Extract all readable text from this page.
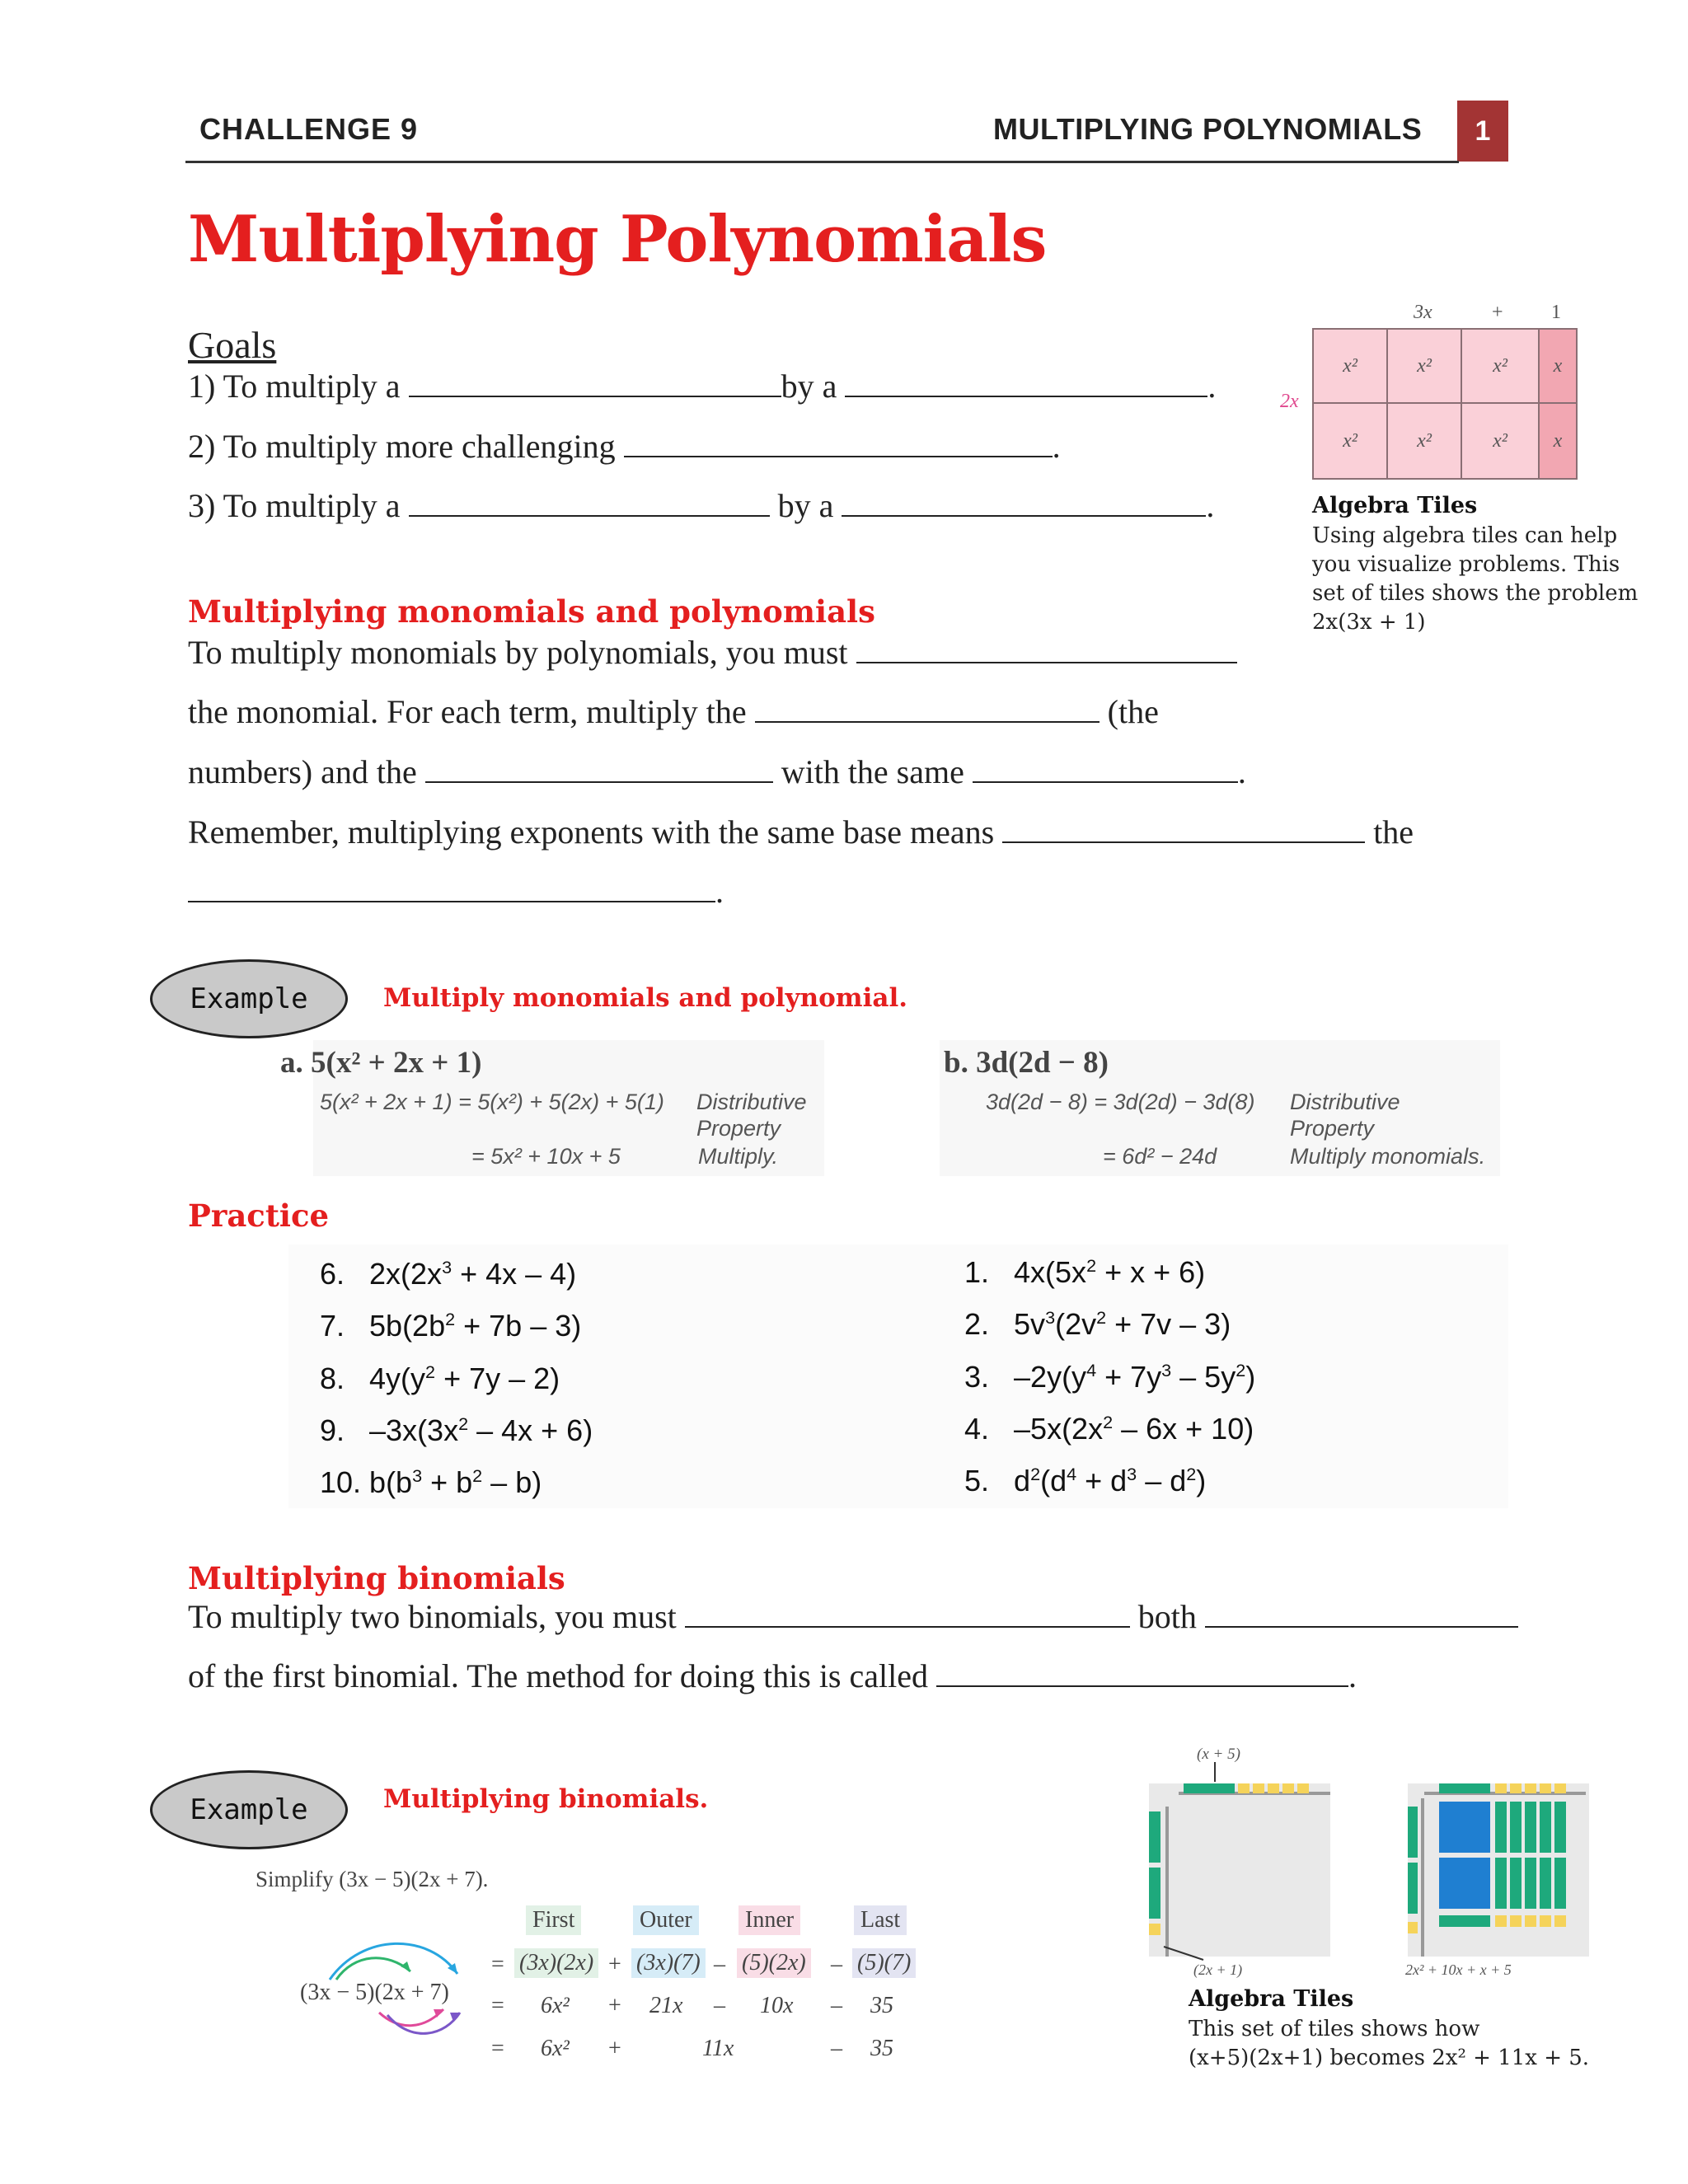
CHALLENGE 9	MULTIPLYING POLYNOMIALS	1
Multiplying Polynomials
Goals
1) To multiply a	by a	.
2) To multiply more challenging	.
3) To multiply a	by a	.
3x	+ 1
2x
x²	x²	x²	x
x²	x²	x²	x
Algebra Tiles
Using algebra tiles can help
you visualize problems. This
set of tiles shows the problem
2x(3x + 1)
Multiplying monomials and polynomials
To multiply monomials by polynomials, you must
the monomial. For each term, multiply the	(the
numbers) and the	with the same	.
Remember, multiplying exponents with the same base means	the
.
Example	Multiply monomials and polynomial.
a. 5(x² + 2x + 1)
5(x² + 2x + 1) = 5(x²) + 5(2x) + 5(1) Distributive
Property
= 5x² + 10x + 5	Multiply.
b. 3d(2d − 8)
3d(2d − 8) = 3d(2d) − 3d(8) Distributive
Property
= 6d² − 24d	Multiply monomials.
Practice
6.   $2x(2x^3 + 4x - 4)$
7.   $5b(2b^2 + 7b - 3)$
8.   $4y(y^2 + 7y - 2)$
9.   $-3x(3x^2 - 4x + 6)$
10. $b(b^3 + b^2 - b)$
1.   $4x(5x^2 + x + 6)$
2.   $5v^3(2v^2 + 7v - 3)$
3.   $-2y(y^4 + 7y^3 - 5y^2)$
4.   $-5x(2x^2 - 6x + 10)$
5.   $d^2(d^4 + d^3 - d^2)$
Multiplying binomials
To multiply two binomials, you must	both
of the first binomial. The method for doing this is called	.
Example	Multiplying binomials.
Simplify (3x − 5)(2x + 7).
First	Outer Inner	Last
= (3x)(2x) + (3x)(7) – (5)(2x) – (5)(7)
(3x − 5)(2x + 7)
= 6x² + 21x – 10x – 35
= 6x² +	11x	– 35
(x + 5)
(2x + 1)	2x² + 10x + x + 5
Algebra Tiles
This set of tiles shows how
(x+5)(2x+1) becomes 2x² + 11x + 5.
